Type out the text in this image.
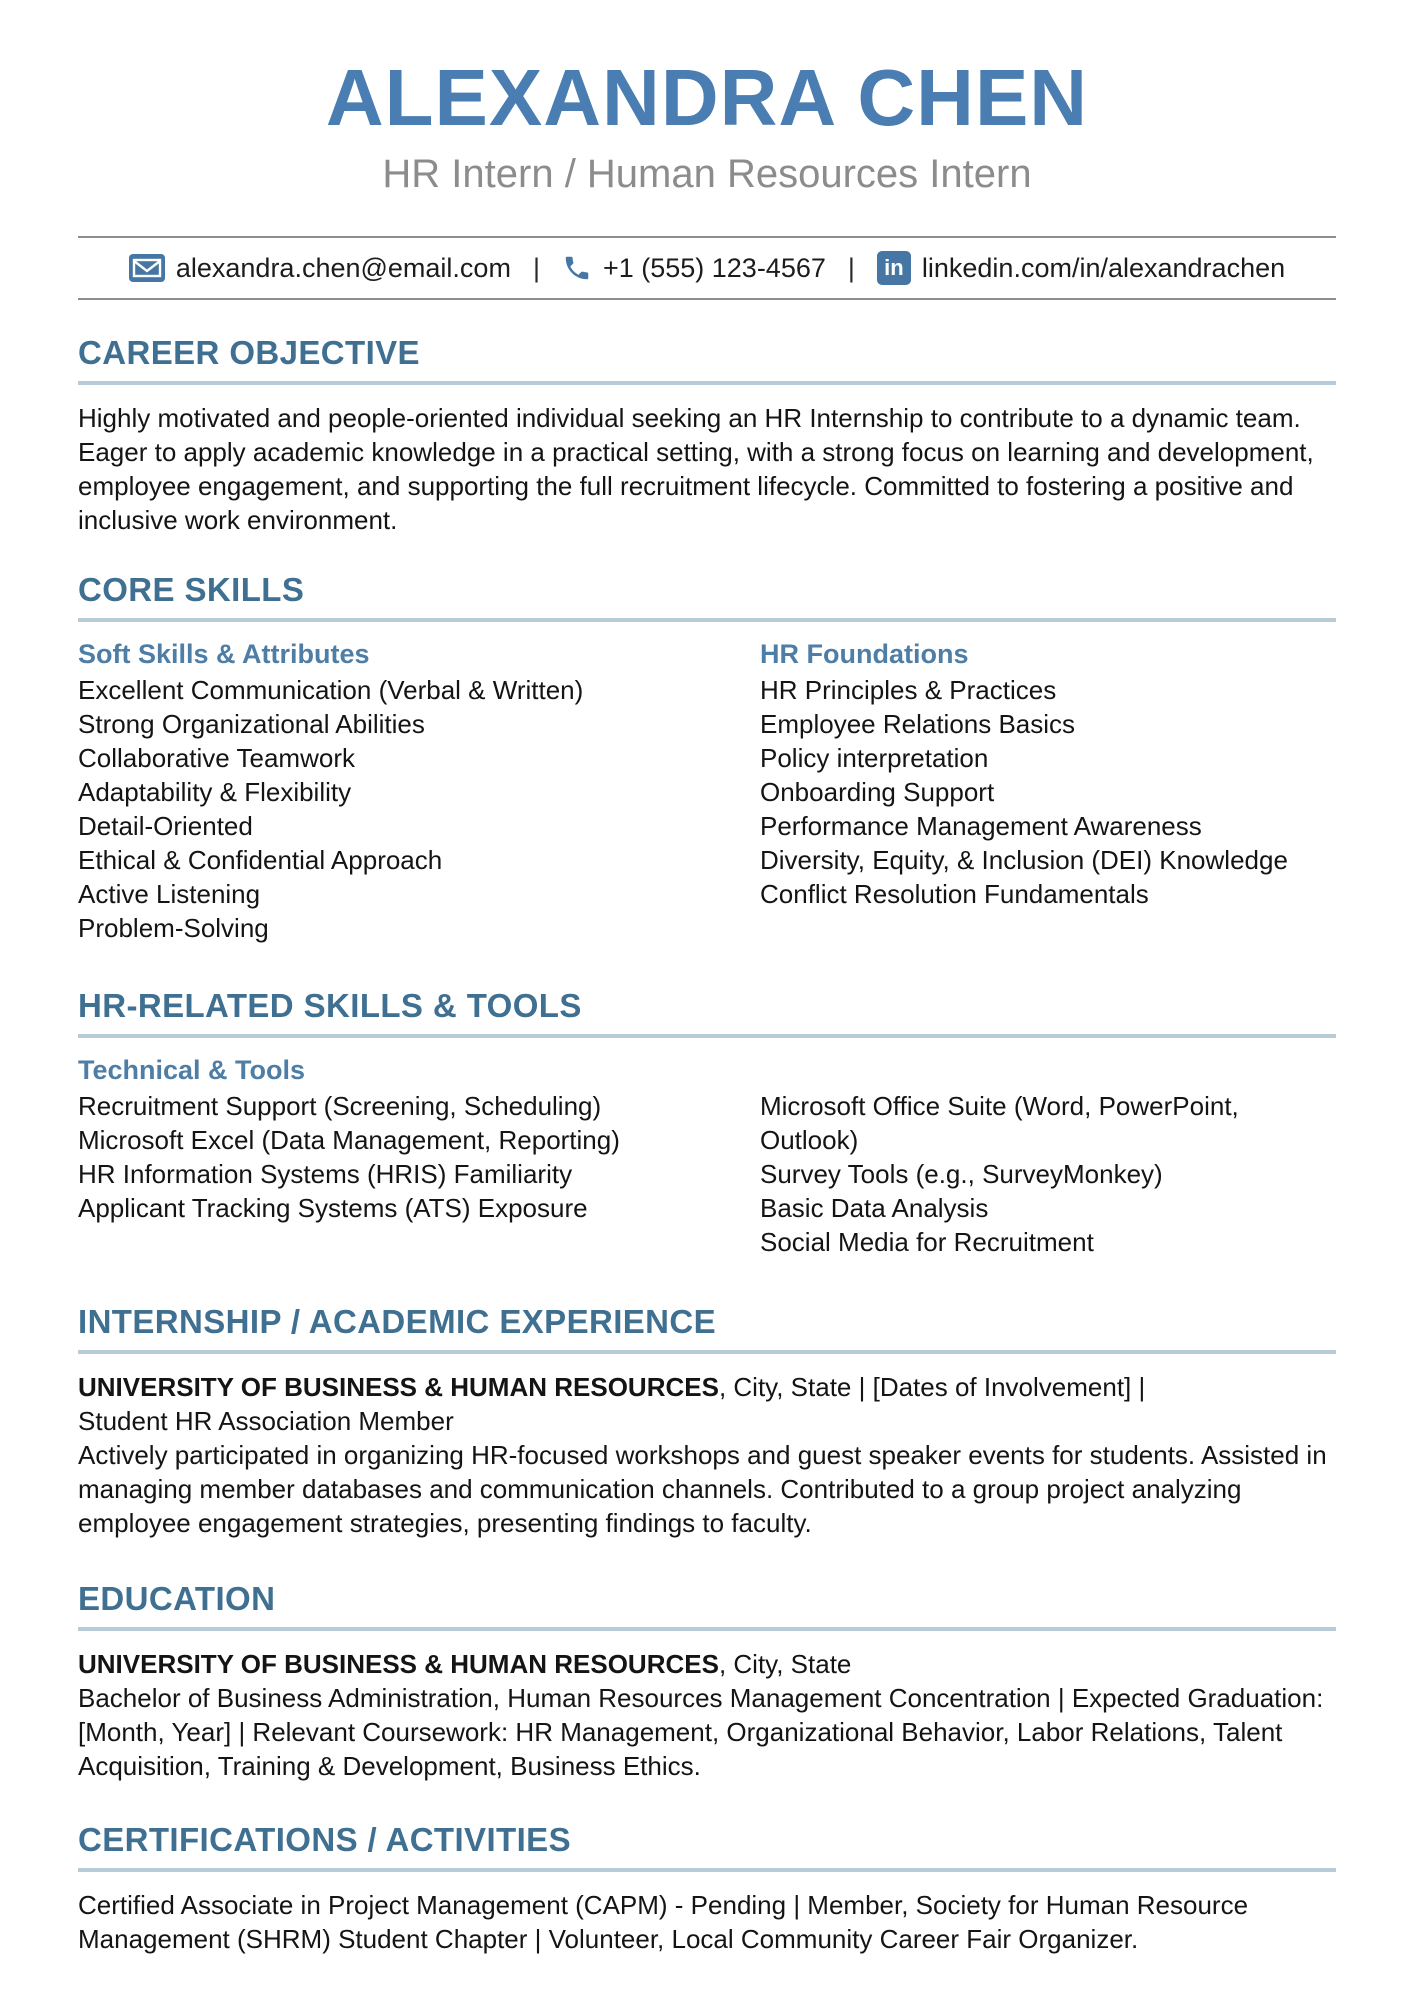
ALEXANDRA CHEN
HR Intern / Human Resources Intern
alexandra.chen@email.com | +1 (555) 123-4567 |	in linkedin.com/in/alexandrachen
CAREER OBJECTIVE

Highly motivated and people-oriented individual seeking an HR Internship to contribute to a dynamic team. Eager to apply academic knowledge in a practical setting, with a strong focus on learning and development, employee engagement, and supporting the full recruitment lifecycle. Committed to fostering a positive and inclusive work environment.

CORE SKILLS
Soft Skills & Attributes
Excellent Communication (Verbal & Written)
Strong Organizational Abilities
Collaborative Teamwork
Adaptability & Flexibility
Detail-Oriented
Ethical & Confidential Approach
Active Listening
Problem-Solving
HR Foundations
HR Principles & Practices
Employee Relations Basics
Policy interpretation
Onboarding Support
Performance Management Awareness
Diversity, Equity, & Inclusion (DEI) Knowledge
Conflict Resolution Fundamentals
HR-RELATED SKILLS & TOOLS
Technical & Tools
Recruitment Support (Screening, Scheduling)
Microsoft Excel (Data Management, Reporting)
HR Information Systems (HRIS) Familiarity
Applicant Tracking Systems (ATS) Exposure
Microsoft Office Suite (Word, PowerPoint, Outlook)
Survey Tools (e.g., SurveyMonkey)
Basic Data Analysis
Social Media for Recruitment
INTERNSHIP / ACADEMIC EXPERIENCE

UNIVERSITY OF BUSINESS & HUMAN RESOURCES, City, State | [Dates of Involvement] |

Student HR Association Member

Actively participated in organizing HR-focused workshops and guest speaker events for students. Assisted in managing member databases and communication channels. Contributed to a group project analyzing employee engagement strategies, presenting findings to faculty.

EDUCATION

UNIVERSITY OF BUSINESS & HUMAN RESOURCES, City, State

Bachelor of Business Administration, Human Resources Management Concentration | Expected Graduation: [Month, Year] | Relevant Coursework: HR Management, Organizational Behavior, Labor Relations, Talent Acquisition, Training & Development, Business Ethics.

CERTIFICATIONS / ACTIVITIES

Certified Associate in Project Management (CAPM) - Pending | Member, Society for Human Resource Management (SHRM) Student Chapter | Volunteer, Local Community Career Fair Organizer.
